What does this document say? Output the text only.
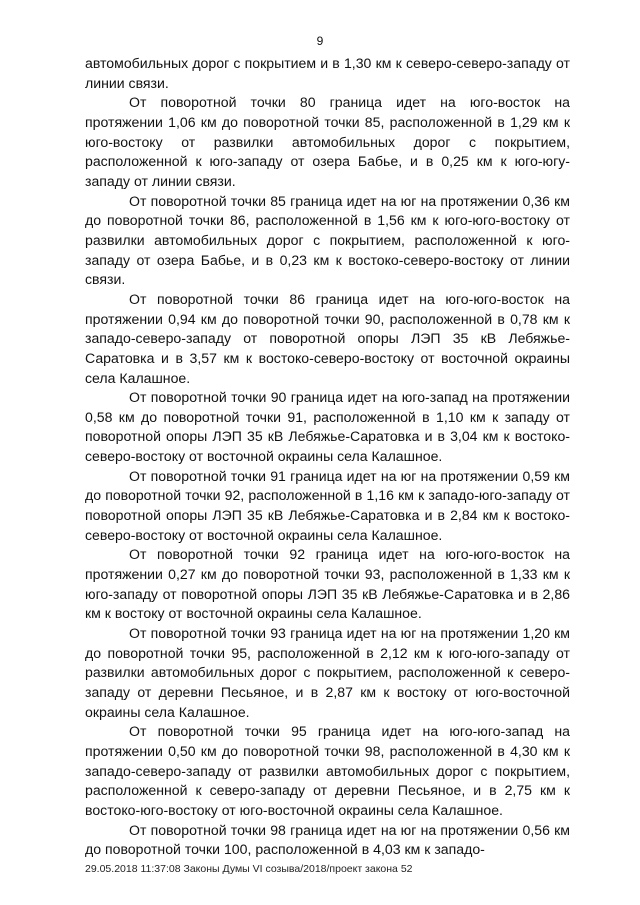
9

автомобильных дорог с покрытием и в 1,30 км к северо-северо-западу от линии связи.

От поворотной точки 80 граница идет на юго-восток на протяжении 1,06 км до поворотной точки 85, расположенной в 1,29 км к юго-востоку от развилки автомобильных дорог с покрытием, расположенной к юго-западу от озера Бабье, и в 0,25 км к юго-югу-западу от линии связи.

От поворотной точки 85 граница идет на юг на протяжении 0,36 км до поворотной точки 86, расположенной в 1,56 км к юго-юго-востоку от развилки автомобильных дорог с покрытием, расположенной к юго-западу от озера Бабье, и в 0,23 км к востоко-северо-востоку от линии связи.

От поворотной точки 86 граница идет на юго-юго-восток на протяжении 0,94 км до поворотной точки 90, расположенной в 0,78 км к западо-северо-западу от поворотной опоры ЛЭП 35 кВ Лебяжье-Саратовка и в 3,57 км к востоко-северо-востоку от восточной окраины села Калашное.

От поворотной точки 90 граница идет на юго-запад на протяжении 0,58 км до поворотной точки 91, расположенной в 1,10 км к западу от поворотной опоры ЛЭП 35 кВ Лебяжье-Саратовка и в 3,04 км к востоко-северо-востоку от восточной окраины села Калашное.

От поворотной точки 91 граница идет на юг на протяжении 0,59 км до поворотной точки 92, расположенной в 1,16 км к западо-юго-западу от поворотной опоры ЛЭП 35 кВ Лебяжье-Саратовка и в 2,84 км к востоко-северо-востоку от восточной окраины села Калашное.

От поворотной точки 92 граница идет на юго-юго-восток на протяжении 0,27 км до поворотной точки 93, расположенной в 1,33 км к юго-западу от поворотной опоры ЛЭП 35 кВ Лебяжье-Саратовка и в 2,86 км к востоку от восточной окраины села Калашное.

От поворотной точки 93 граница идет на юг на протяжении 1,20 км до поворотной точки 95, расположенной в 2,12 км к юго-юго-западу от развилки автомобильных дорог с покрытием, расположенной к северо-западу от деревни Песьяное, и в 2,87 км к востоку от юго-восточной окраины села Калашное.

От поворотной точки 95 граница идет на юго-юго-запад на протяжении 0,50 км до поворотной точки 98, расположенной в 4,30 км к западо-северо-западу от развилки автомобильных дорог с покрытием, расположенной к северо-западу от деревни Песьяное, и в 2,75 км к востоко-юго-востоку от юго-восточной окраины села Калашное.

От поворотной точки 98 граница идет на юг на протяжении 0,56 км до поворотной точки 100, расположенной в 4,03 км к западо-

29.05.2018 11:37:08 Законы Думы VI созыва/2018/проект закона 52
